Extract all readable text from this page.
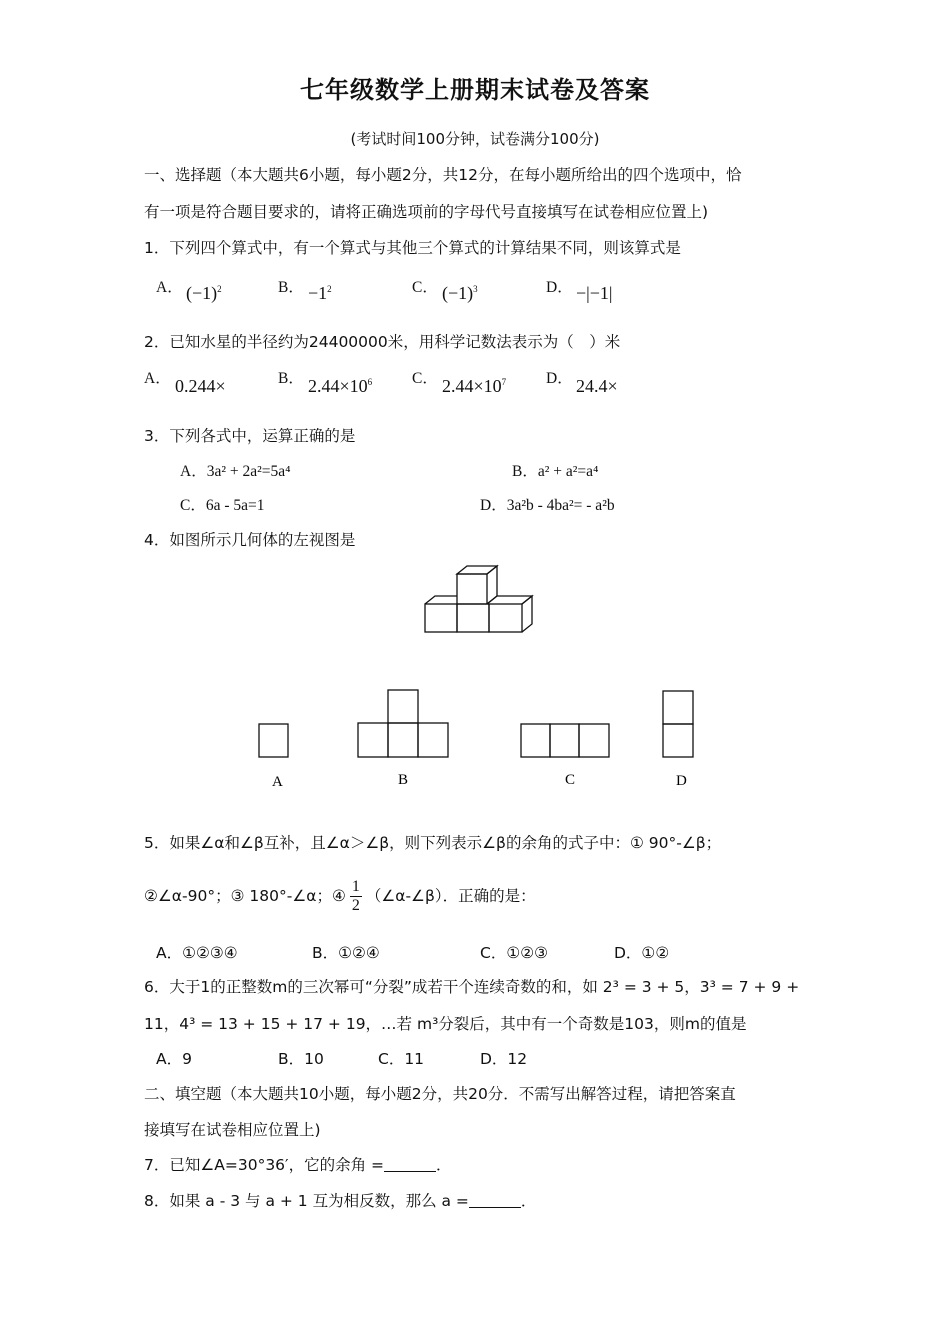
七年级数学上册期末试卷及答案
(考试时间100分钟，试卷满分100分)
一、选择题（本大题共6小题，每小题2分，共12分，在每小题所给出的四个选项中，恰
有一项是符合题目要求的，请将正确选项前的字母代号直接填写在试卷相应位置上)
1．下列四个算式中，有一个算式与其他三个算式的计算结果不同，则该算式是
A． $(-1)^2$	B． $-1^2$	C． $(-1)^3$	D． −|−1|
2．已知水星的半径约为24400000米，用科学记数法表示为（　）米
A． 0.244×	B． $2.44\times 10^6$	C． $2.44\times 10^7$	D． 24.4×
3．下列各式中，运算正确的是
A．3a² + 2a²=5a⁴	B．a² + a²=a⁴
C．6a - 5a=1	D．3a²b - 4ba²= - a²b
4．如图所示几何体的左视图是
A	B	C	D
5．如果∠α和∠β互补，且∠α＞∠β，则下列表示∠β的余角的式子中：① 90°-∠β；
②∠α-90°；③ 180°-∠α；④ $\frac{1}{2}$ （∠α-∠β）．正确的是：
A．①②③④	B．①②④	C．①②③	D．①②
6．大于1的正整数m的三次幂可“分裂”成若干个连续奇数的和，如 2³ = 3 + 5，3³ = 7 + 9 +
11，4³ = 13 + 15 + 17 + 19，…若 m³分裂后，其中有一个奇数是103，则m的值是
A．9	B．10	C．11	D．12
二、填空题（本大题共10小题，每小题2分，共20分．不需写出解答过程，请把答案直
接填写在试卷相应位置上)
7．已知∠A=30°36′，它的余角 =	．
8．如果 a - 3 与 a + 1 互为相反数，那么 a =	．
